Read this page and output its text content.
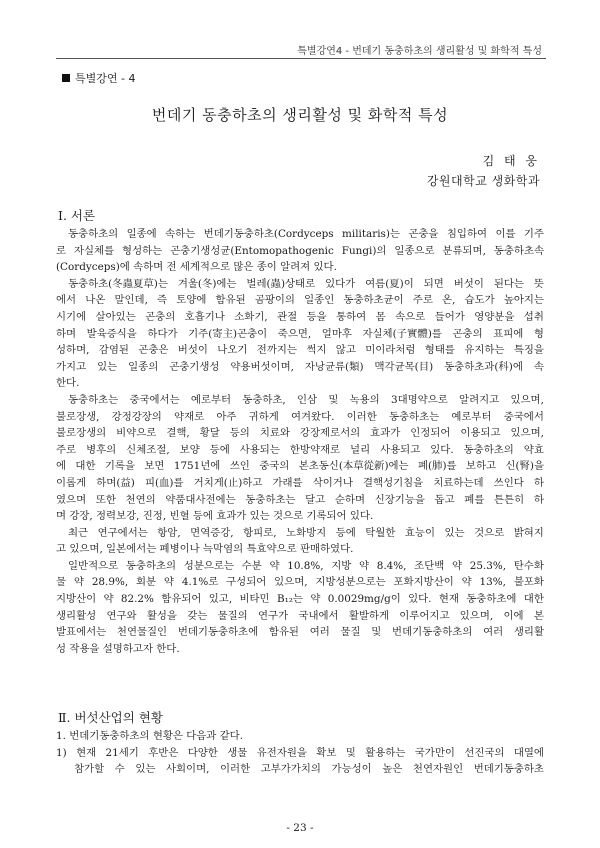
특별강연4 - 번데기 동충하초의 생리활성 및 화학적 특성
특별강연 - 4
번데기 동충하초의 생리활성 및 화학적 특성
김 태 웅
강원대학교 생화학과
Ⅰ. 서론
동충하초의 일종에 속하는 번데기동충하초(Cordyceps militaris)는 곤충을 침입하여 이를 기주
로 자실체를 형성하는 곤충기생성균(Entomopathogenic Fungi)의 일종으로 분류되며, 동충하초속
(Cordyceps)에 속하며 전 세계적으로 많은 종이 알려져 있다.
동충하초(冬蟲夏草)는 겨울(冬)에는 벌레(蟲)상태로 있다가 여름(夏)이 되면 버섯이 된다는 뜻
에서 나온 말인데, 즉 토양에 함유된 곰팡이의 일종인 동충하초균이 주로 온, 습도가 높아지는
시기에 살아있는 곤충의 호흡기나 소화기, 관절 등을 통하여 몸 속으로 들어가 영양분을 섭취
하며 발육증식을 하다가 기주(寄主)곤충이 죽으면, 얼마후 자실체(子實體)를 곤충의 표피에 형
성하며, 감염된 곤충은 버섯이 나오기 전까지는 썩지 않고 미이라처럼 형태를 유지하는 특징을
가지고 있는 일종의 곤충기생성 약용버섯이며, 자낭균류(類) 맥각균목(目) 동충하초과(科)에 속
한다.
동충하초는 중국에서는 예로부터 동충하초, 인삼 및 녹용의 3대명약으로 알려지고 있으며,
불로장생, 강정강장의 약재로 아주 귀하게 여겨왔다. 이러한 동충하초는 예로부터 중국에서
불로장생의 비약으로 결핵, 황달 등의 치료와 강장제로서의 효과가 인정되어 이용되고 있으며,
주로 병후의 신체조절, 보양 등에 사용되는 한방약재로 널리 사용되고 있다. 동충하초의 약효
에 대한 기록을 보면 1751년에 쓰인 중국의 본초동신(本草從新)에는 폐(肺)를 보하고 신(腎)을
이롭게 하며(益) 피(血)를 거치게(止)하고 가래를 삭이거나 결핵성기침을 치료하는데 쓰인다 하
였으며 또한 천연의 약품대사전에는 동충하초는 달고 순하며 신장기능을 돕고 폐를 튼튼히 하
며 강장, 정력보강, 진정, 빈혈 등에 효과가 있는 것으로 기록되어 있다.
최근 연구에서는 항암, 면역증강, 항피로, 노화방지 등에 탁월한 효능이 있는 것으로 밝혀지
고 있으며, 일본에서는 폐병이나 늑막염의 특효약으로 판매하였다.
일반적으로 동충하초의 성분으로는 수분 약 10.8%, 지방 약 8.4%, 조단백 약 25.3%, 탄수화
물 약 28.9%, 회분 약 4.1%로 구성되어 있으며, 지방성분으로는 포화지방산이 약 13%, 불포화
지방산이 약 82.2% 함유되어 있고, 비타민 B₁₂는 약 0.0029mg/g이 있다. 현재 동충하초에 대한
생리활성 연구와 활성을 갖는 물질의 연구가 국내에서 활발하게 이루어지고 있으며, 이에 본
발표에서는 천연물질인 번데기동충하초에 함유된 여러 물질 및 번데기동충하초의 여러 생리활
성 작용을 설명하고자 한다.
Ⅱ. 버섯산업의 현황
1. 번데기동충하초의 현황은 다음과 같다.
1) 현재 21세기 후반은 다양한 생물 유전자원을 확보 및 활용하는 국가만이 선진국의 대열에
참가할 수 있는 사회이며, 이러한 고부가가치의 가능성이 높은 천연자원인 번데기동충하초
- 23 -
